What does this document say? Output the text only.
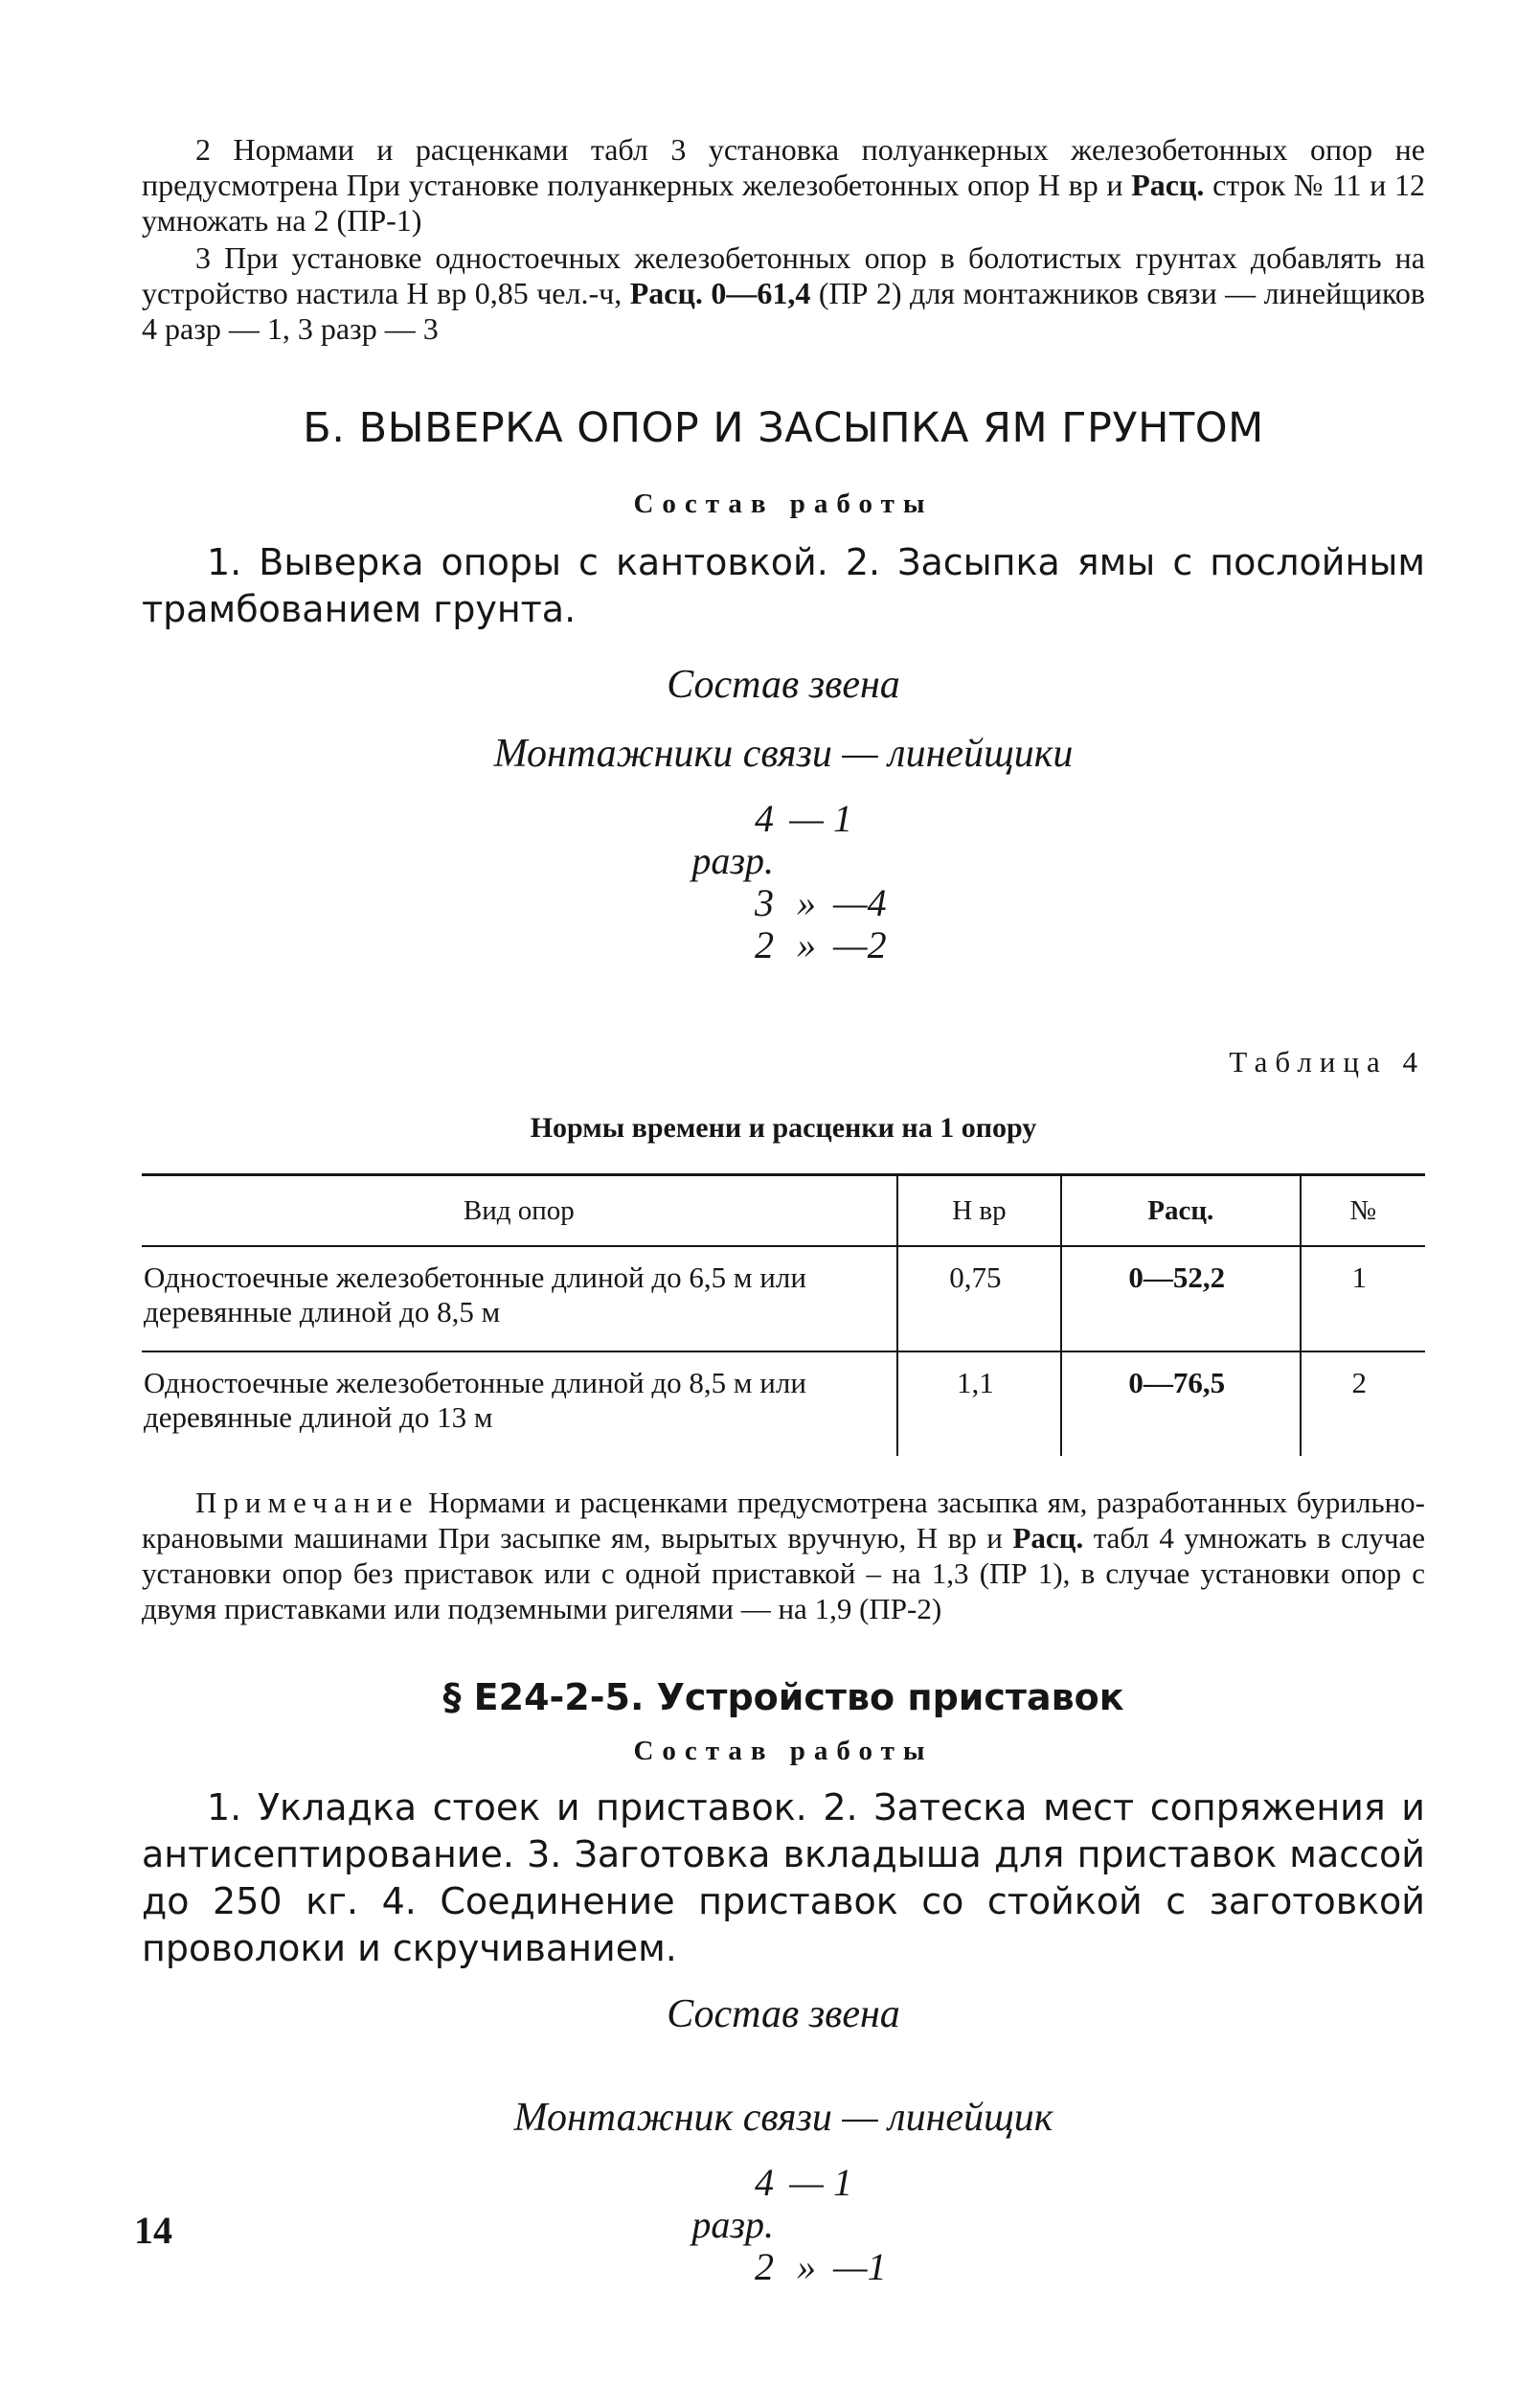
2 Нормами и расценками табл 3 установка полуанкерных железобетонных опор не предусмотрена При установке полуанкерных железобетонных опор Н вр и Расц. строк № 11 и 12 умножать на 2 (ПР-1)

3 При установке одностоечных железобетонных опор в болотистых грунтах добавлять на устройство настила Н вр 0,85 чел.-ч, Расц. 0—61,4 (ПР 2) для монтажников связи — линейщиков 4 разр — 1, 3 разр — 3

Б. ВЫВЕРКА ОПОР И ЗАСЫПКА ЯМ ГРУНТОМ

Состав работы

1. Выверка опоры с кантовкой. 2. Засыпка ямы с послойным трамбованием грунта.

Состав звена

Монтажники связи — линейщики

4 разр.
— 1
3 » —4
2 » —2

Таблица 4

Нормы времени и расценки на 1 опору

Вид опор	Н вр	Расц.	№
Одностоечные железобетонные длиной до 6,5 м или деревянные длиной до 8,5 м	0,75	0—52,2	1
Одностоечные железобетонные длиной до 8,5 м или деревянные длиной до 13 м	1,1	0—76,5	2

Примечание Нормами и расценками предусмотрена засыпка ям, разработанных бурильно-крановыми машинами При засыпке ям, вырытых вручную, Н вр и Расц. табл 4 умножать в случае установки опор без приставок или с одной приставкой – на 1,3 (ПР 1), в случае установки опор с двумя приставками или подземными ригелями — на 1,9 (ПР-2)

§ Е24-2-5. Устройство приставок

Состав работы

1. Укладка стоек и приставок. 2. Затеска мест сопряжения и антисептирование. 3. Заготовка вкладыша для приставок массой до 250 кг. 4. Соединение приставок со стойкой с заготовкой проволоки и скручиванием.

Состав звена

Монтажник связи — линейщик

4 разр.
— 1
2 » —1
14
